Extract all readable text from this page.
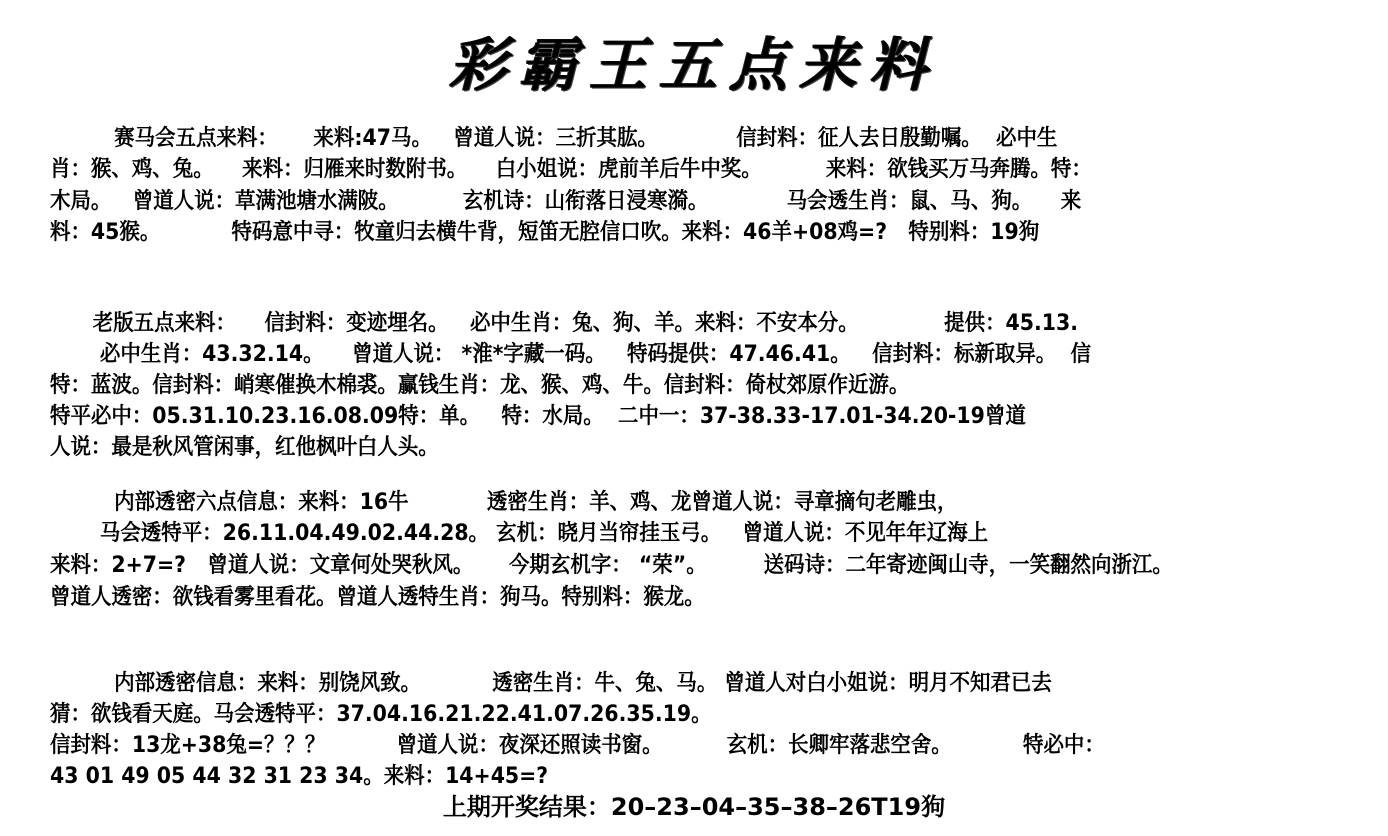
彩霸王五点来料
赛马会五点来料：     来料:47马。   曾道人说：三折其肱。           信封料：征人去日殷勤嘱。  必中生
肖：猴、鸡、兔。    来料：归雁来时数附书。    白小姐说：虎前羊后牛中奖。         来料：欲钱买万马奔腾。特：
木局。   曾道人说：草满池塘水满陂。         玄机诗：山衔落日浸寒漪。           马会透生肖：鼠、马、狗。    来
料：45猴。          特码意中寻：牧童归去横牛背，短笛无腔信口吹。来料：46羊+08鸡=?   特别料：19狗
老版五点来料：    信封料：变迹埋名。   必中生肖：兔、狗、羊。来料：不安本分。            提供：45.13.
必中生肖：43.32.14。    曾道人说： *淮*字藏一码。   特码提供：47.46.41。   信封料：标新取异。  信
特：蓝波。信封料：峭寒催换木棉裘。赢钱生肖：龙、猴、鸡、牛。信封料：倚杖郊原作近游。
特平必中：05.31.10.23.16.08.09特：单。   特：水局。  二中一：37-38.33-17.01-34.20-19曾道
人说：最是秋风管闲事，红他枫叶白人头。
内部透密六点信息：来料：16牛           透密生肖：羊、鸡、龙曾道人说：寻章摘句老雕虫，
马会透特平：26.11.04.49.02.44.28。 玄机：晓月当帘挂玉弓。   曾道人说：不见年年辽海上
来料：2+7=?   曾道人说：文章何处哭秋风。     今期玄机字： “荣”。        送码诗：二年寄迹闽山寺，一笑翻然向浙江。
曾道人透密：欲钱看雾里看花。曾道人透特生肖：狗马。特别料：猴龙。
内部透密信息：来料：别饶风致。          透密生肖：牛、兔、马。 曾道人对白小姐说：明月不知君已去
猜：欲钱看天庭。马会透特平：37.04.16.21.22.41.07.26.35.19。
信封料：13龙+38兔=？？？          曾道人说：夜深还照读书窗。         玄机：长卿牢落悲空舍。          特必中：
43 01 49 05 44 32 31 23 34。来料：14+45=?
上期开奖结果：20–23–04–35–38–26T19狗
